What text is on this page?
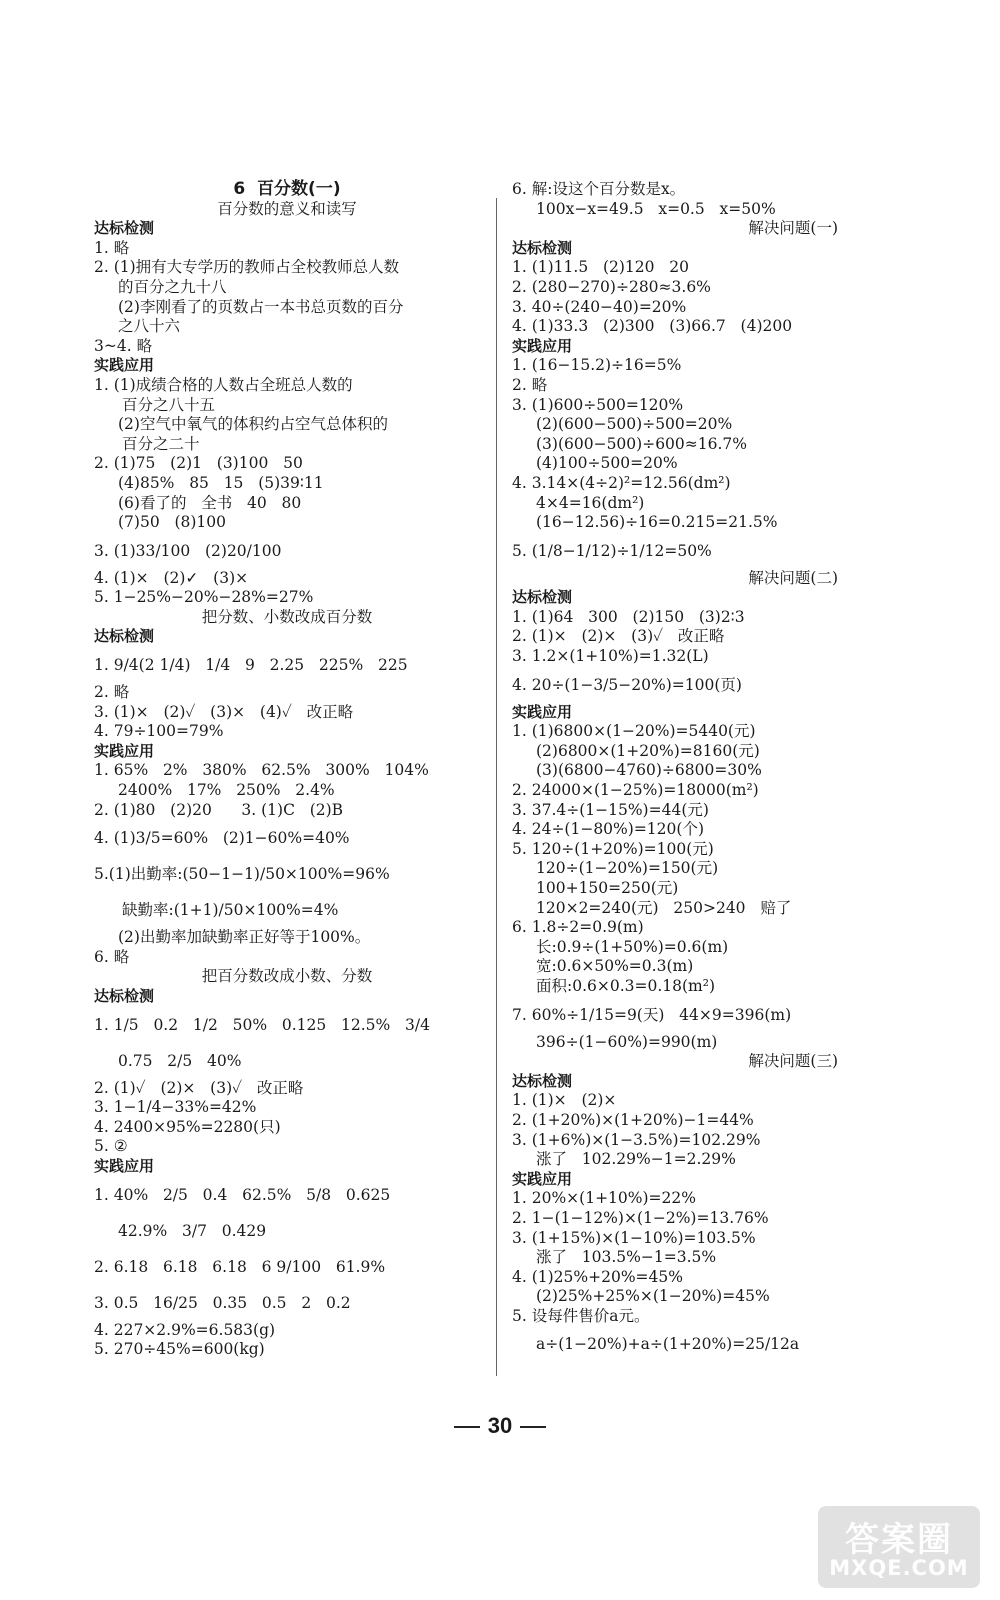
6  百分数(一)
百分数的意义和读写
达标检测
1. 略
2. (1)拥有大专学历的教师占全校教师总人数
的百分之九十八
(2)李刚看了的页数占一本书总页数的百分
之八十六
3~4. 略
实践应用
1. (1)成绩合格的人数占全班总人数的
百分之八十五
(2)空气中氧气的体积约占空气总体积的
百分之二十
2. (1)75   (2)1   (3)100   50
(4)85%   85   15   (5)39∶11
(6)看了的   全书   40   80
(7)50   (8)100
3. (1)33/100   (2)20/100
4. (1)×   (2)✓   (3)×
5. 1−25%−20%−28%=27%
把分数、小数改成百分数
达标检测
1. 9/4(2 1/4)   1/4   9   2.25   225%   225
2. 略
3. (1)×   (2)✓   (3)×   (4)✓   改正略
4. 79÷100=79%
实践应用
1. 65%   2%   380%   62.5%   300%   104%
2400%   17%   250%   2.4%
2. (1)80   (2)20      3. (1)C   (2)B
4. (1)3/5=60%   (2)1−60%=40%
5.(1)出勤率:(50−1−1)/50×100%=96%
缺勤率:(1+1)/50×100%=4%
(2)出勤率加缺勤率正好等于100%。
6. 略
把百分数改成小数、分数
达标检测
1. 1/5   0.2   1/2   50%   0.125   12.5%   3/4
0.75   2/5   40%
2. (1)✓   (2)×   (3)✓   改正略
3. 1−1/4−33%=42%
4. 2400×95%=2280(只)
5. ②
实践应用
1. 40%   2/5   0.4   62.5%   5/8   0.625
42.9%   3/7   0.429
2. 6.18   6.18   6.18   6 9/100   61.9%
3. 0.5   16/25   0.35   0.5   2   0.2
4. 227×2.9%=6.583(g)
5. 270÷45%=600(kg)
6. 解:设这个百分数是x。
100x−x=49.5   x=0.5   x=50%
解决问题(一)
达标检测
1. (1)11.5   (2)120   20
2. (280−270)÷280≈3.6%
3. 40÷(240−40)=20%
4. (1)33.3   (2)300   (3)66.7   (4)200
实践应用
1. (16−15.2)÷16=5%
2. 略
3. (1)600÷500=120%
(2)(600−500)÷500=20%
(3)(600−500)÷600≈16.7%
(4)100÷500=20%
4. 3.14×(4÷2)²=12.56(dm²)
4×4=16(dm²)
(16−12.56)÷16=0.215=21.5%
5. (1/8−1/12)÷1/12=50%
解决问题(二)
达标检测
1. (1)64   300   (2)150   (3)2∶3
2. (1)×   (2)×   (3)✓   改正略
3. 1.2×(1+10%)=1.32(L)
4. 20÷(1−3/5−20%)=100(页)
实践应用
1. (1)6800×(1−20%)=5440(元)
(2)6800×(1+20%)=8160(元)
(3)(6800−4760)÷6800=30%
2. 24000×(1−25%)=18000(m²)
3. 37.4÷(1−15%)=44(元)
4. 24÷(1−80%)=120(个)
5. 120÷(1+20%)=100(元)
120÷(1−20%)=150(元)
100+150=250(元)
120×2=240(元)   250>240   赔了
6. 1.8÷2=0.9(m)
长:0.9÷(1+50%)=0.6(m)
宽:0.6×50%=0.3(m)
面积:0.6×0.3=0.18(m²)
7. 60%÷1/15=9(天)   44×9=396(m)
396÷(1−60%)=990(m)
解决问题(三)
达标检测
1. (1)×   (2)×
2. (1+20%)×(1+20%)−1=44%
3. (1+6%)×(1−3.5%)=102.29%
涨了   102.29%−1=2.29%
实践应用
1. 20%×(1+10%)=22%
2. 1−(1−12%)×(1−2%)=13.76%
3. (1+15%)×(1−10%)=103.5%
涨了   103.5%−1=3.5%
4. (1)25%+20%=45%
(2)25%+25%×(1−20%)=45%
5. 设每件售价a元。
a÷(1−20%)+a÷(1+20%)=25/12a
30
答案圈
MXQE.COM
